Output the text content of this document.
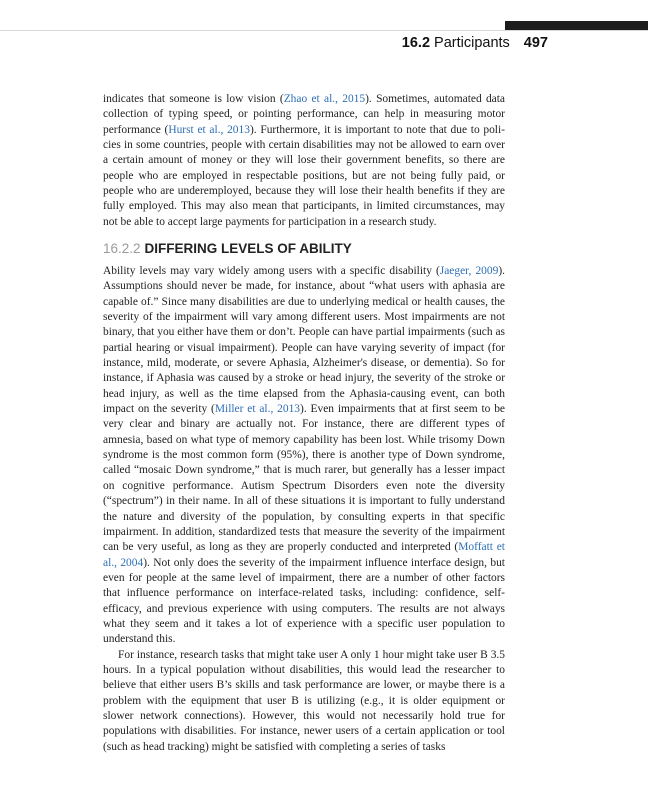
16.2 Participants 497

indicates that someone is low vision (Zhao et al., 2015). Sometimes, automated data collection of typing speed, or pointing performance, can help in measuring motor performance (Hurst et al., 2013). Furthermore, it is important to note that due to policies in some countries, people with certain disabilities may not be allowed to earn over a certain amount of money or they will lose their government benefits, so there are people who are employed in respectable positions, but are not being fully paid, or people who are underemployed, because they will lose their health benefits if they are fully employed. This may also mean that participants, in limited circumstances, may not be able to accept large payments for participation in a research study.

16.2.2 DIFFERING LEVELS OF ABILITY

Ability levels may vary widely among users with a specific disability (Jaeger, 2009). Assumptions should never be made, for instance, about “what users with aphasia are capable of.” Since many disabilities are due to underlying medical or health causes, the severity of the impairment will vary among different users. Most impairments are not binary, that you either have them or don’t. People can have partial impairments (such as partial hearing or visual impairment). People can have varying severity of impact (for instance, mild, moderate, or severe Aphasia, Alzheimer's disease, or dementia). So for instance, if Aphasia was caused by a stroke or head injury, the severity of the stroke or head injury, as well as the time elapsed from the Aphasia-causing event, can both impact on the severity (Miller et al., 2013). Even impairments that at first seem to be very clear and binary are actually not. For instance, there are different types of amnesia, based on what type of memory capability has been lost. While trisomy Down syndrome is the most common form (95%), there is another type of Down syndrome, called “mosaic Down syndrome,” that is much rarer, but generally has a lesser impact on cognitive performance. Autism Spectrum Disorders even note the diversity (“spectrum”) in their name. In all of these situations it is important to fully understand the nature and diversity of the population, by consulting experts in that specific impairment. In addition, standardized tests that measure the severity of the impairment can be very useful, as long as they are properly conducted and interpreted (Moffatt et al., 2004). Not only does the severity of the impairment influence interface design, but even for people at the same level of impairment, there are a number of other factors that influence performance on interface-related tasks, including: confidence, self-efficacy, and previous experience with using computers. The results are not always what they seem and it takes a lot of experience with a specific user population to understand this.

For instance, research tasks that might take user A only 1 hour might take user B 3.5 hours. In a typical population without disabilities, this would lead the researcher to believe that either users B’s skills and task performance are lower, or maybe there is a problem with the equipment that user B is utilizing (e.g., it is older equipment or slower network connections). However, this would not necessarily hold true for populations with disabilities. For instance, newer users of a certain application or tool (such as head tracking) might be satisfied with completing a series of tasks
